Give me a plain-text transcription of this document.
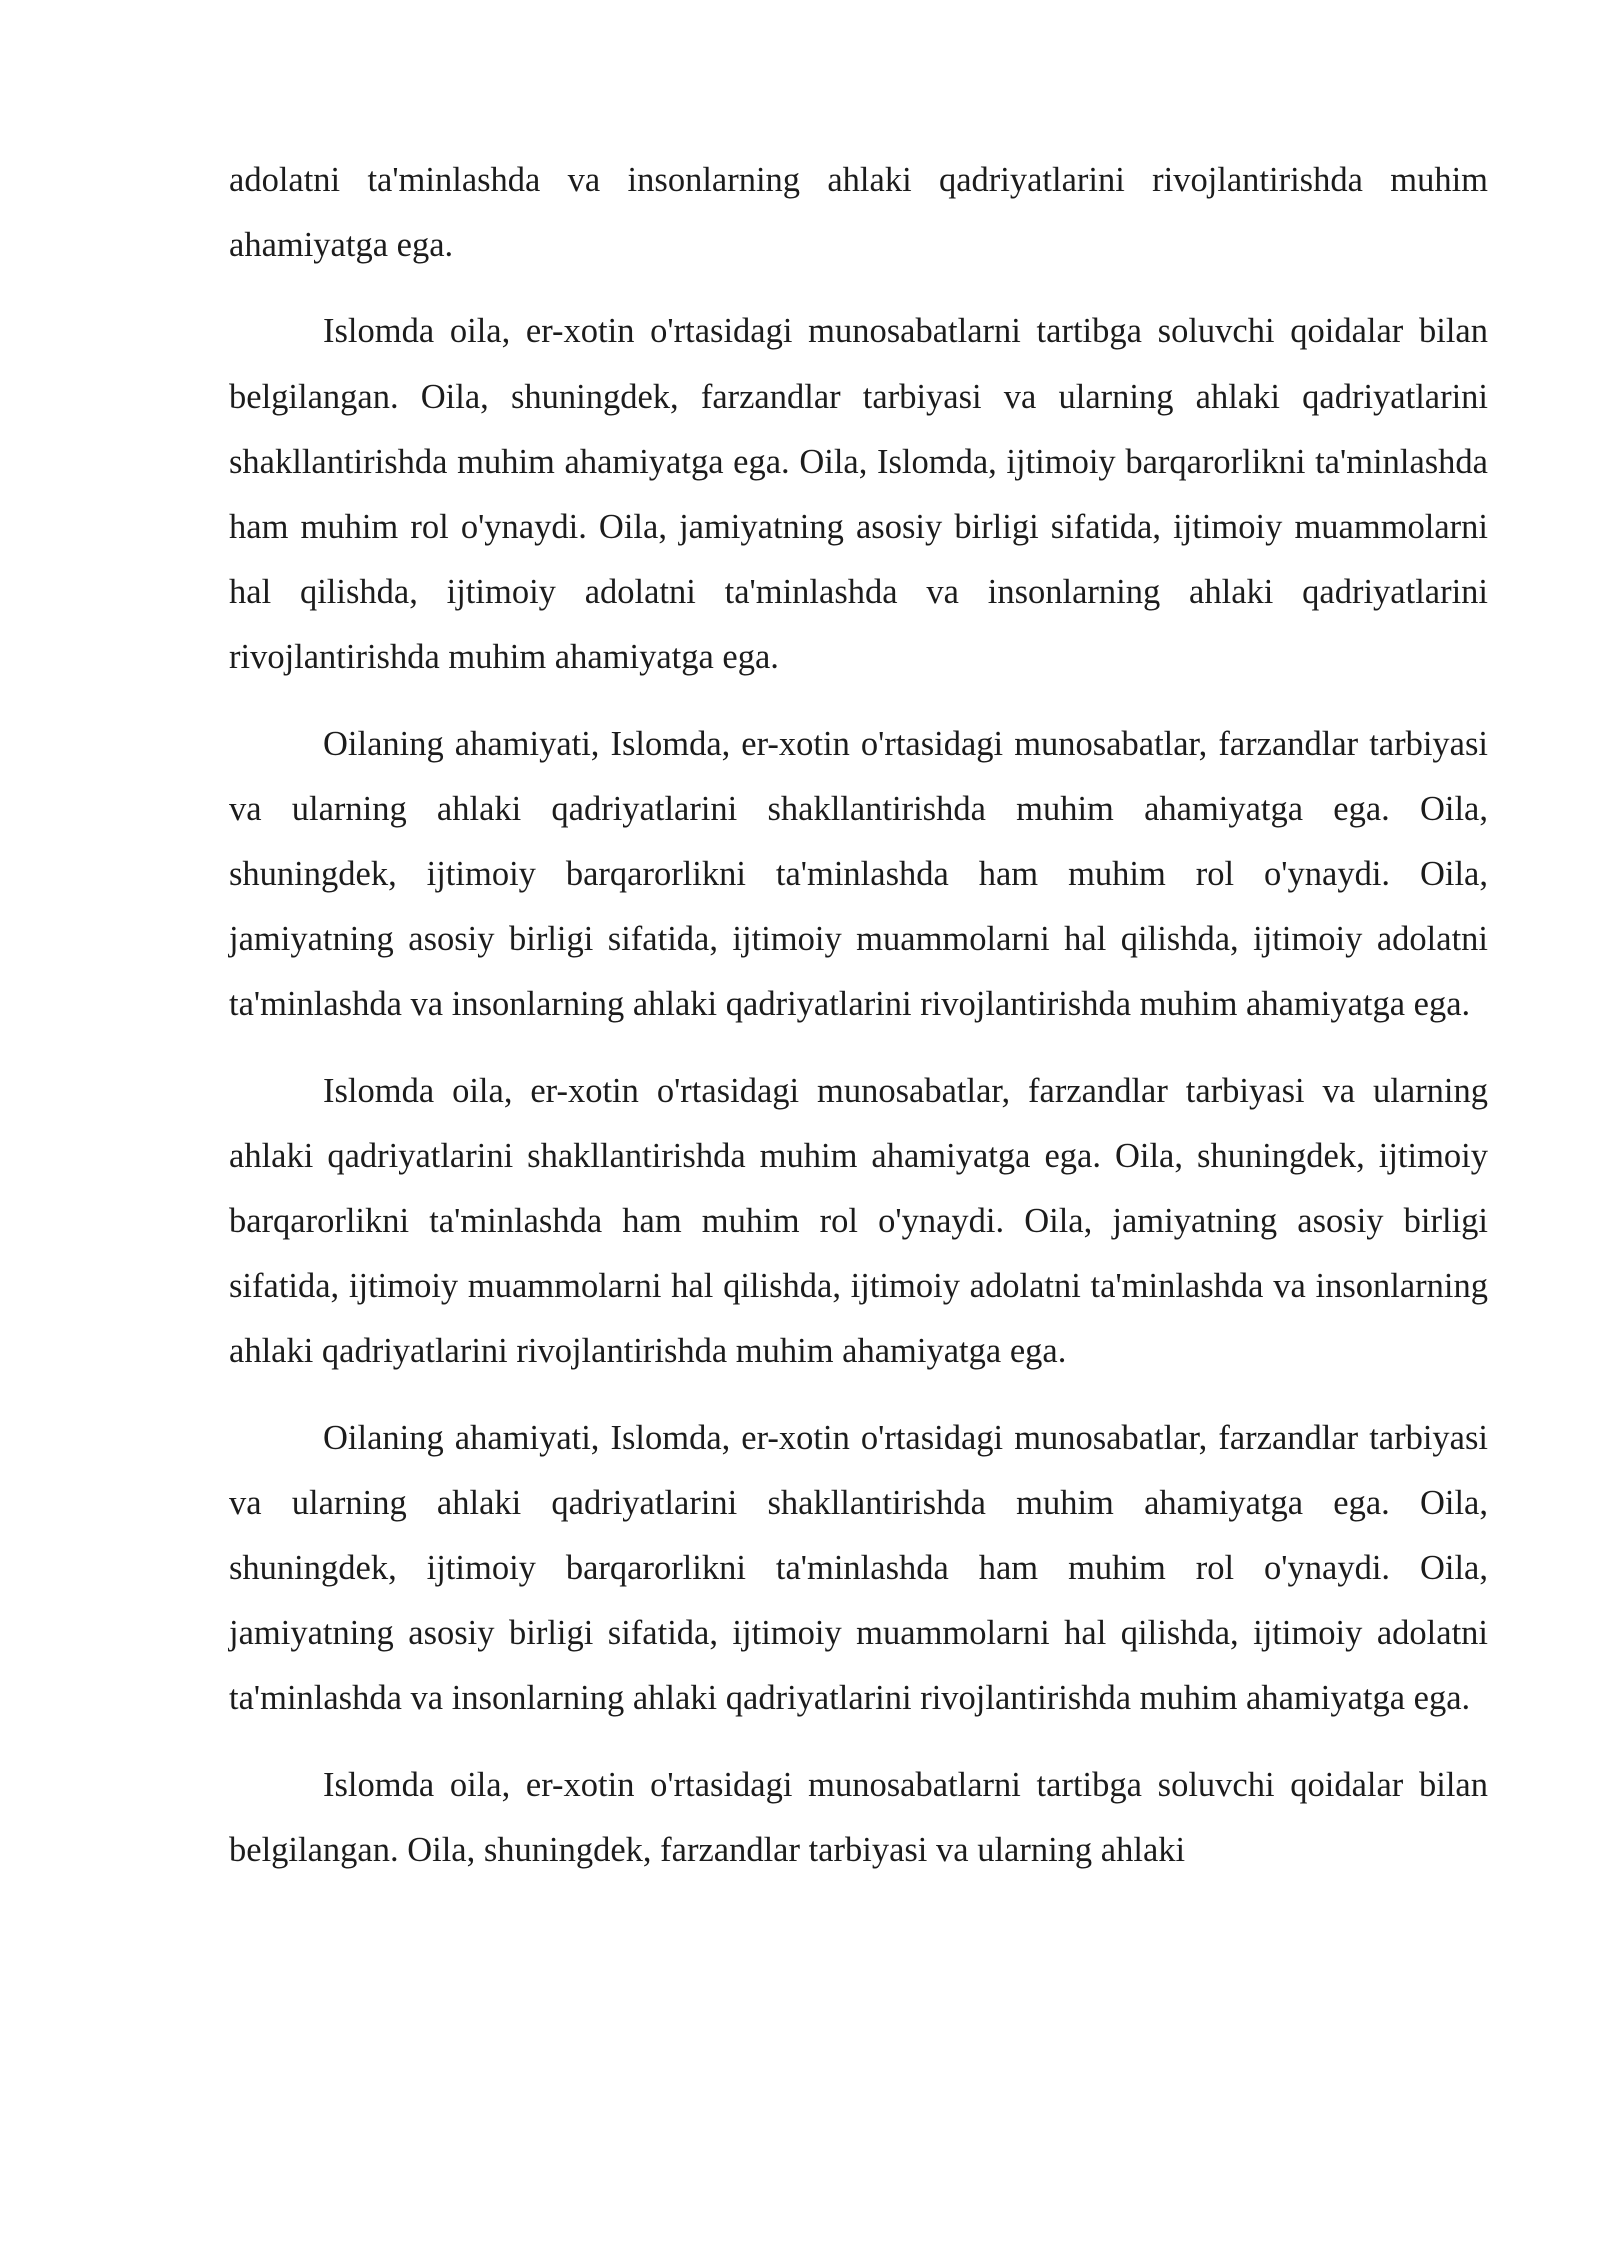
adolatni ta'minlashda va insonlarning ahlaki qadriyatlarini rivojlantirishda muhim ahamiyatga ega.

Islomda oila, er-xotin o'rtasidagi munosabatlarni tartibga soluvchi qoidalar bilan belgilangan. Oila, shuningdek, farzandlar tarbiyasi va ularning ahlaki qadriyatlarini shakllantirishda muhim ahamiyatga ega. Oila, Islomda, ijtimoiy barqarorlikni ta'minlashda ham muhim rol o'ynaydi. Oila, jamiyatning asosiy birligi sifatida, ijtimoiy muammolarni hal qilishda, ijtimoiy adolatni ta'minlashda va insonlarning ahlaki qadriyatlarini rivojlantirishda muhim ahamiyatga ega.

Oilaning ahamiyati, Islomda, er-xotin o'rtasidagi munosabatlar, farzandlar tarbiyasi va ularning ahlaki qadriyatlarini shakllantirishda muhim ahamiyatga ega. Oila, shuningdek, ijtimoiy barqarorlikni ta'minlashda ham muhim rol o'ynaydi. Oila, jamiyatning asosiy birligi sifatida, ijtimoiy muammolarni hal qilishda, ijtimoiy adolatni ta'minlashda va insonlarning ahlaki qadriyatlarini rivojlantirishda muhim ahamiyatga ega.

Islomda oila, er-xotin o'rtasidagi munosabatlar, farzandlar tarbiyasi va ularning ahlaki qadriyatlarini shakllantirishda muhim ahamiyatga ega. Oila, shuningdek, ijtimoiy barqarorlikni ta'minlashda ham muhim rol o'ynaydi. Oila, jamiyatning asosiy birligi sifatida, ijtimoiy muammolarni hal qilishda, ijtimoiy adolatni ta'minlashda va insonlarning ahlaki qadriyatlarini rivojlantirishda muhim ahamiyatga ega.

Oilaning ahamiyati, Islomda, er-xotin o'rtasidagi munosabatlar, farzandlar tarbiyasi va ularning ahlaki qadriyatlarini shakllantirishda muhim ahamiyatga ega. Oila, shuningdek, ijtimoiy barqarorlikni ta'minlashda ham muhim rol o'ynaydi. Oila, jamiyatning asosiy birligi sifatida, ijtimoiy muammolarni hal qilishda, ijtimoiy adolatni ta'minlashda va insonlarning ahlaki qadriyatlarini rivojlantirishda muhim ahamiyatga ega.

Islomda oila, er-xotin o'rtasidagi munosabatlarni tartibga soluvchi qoidalar bilan belgilangan. Oila, shuningdek, farzandlar tarbiyasi va ularning ahlaki
